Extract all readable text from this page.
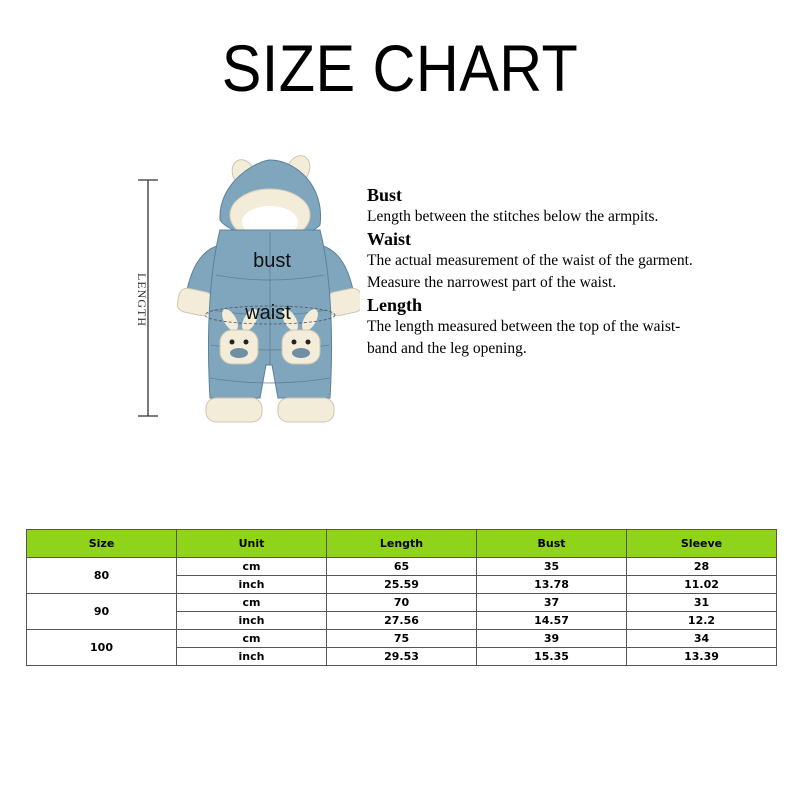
SIZE CHART
LENGTH
bust
waist
Bust
Length between the stitches below the armpits.
Waist
The actual measurement of the waist of the garment.
Measure the narrowest part of the waist.
Length
The length measured between the top of the waist-
band and the leg opening.
Size	Unit	Length	Bust	Sleeve
80	cm	65	35	28
	inch	25.59	13.78	11.02
90	cm	70	37	31
	inch	27.56	14.57	12.2
100	cm	75	39	34
	inch	29.53	15.35	13.39
